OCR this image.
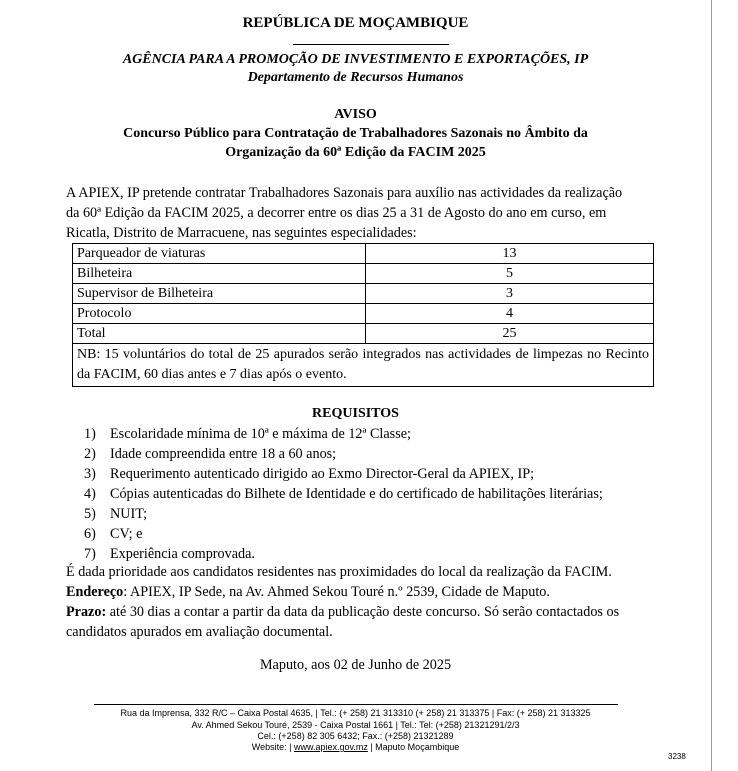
REPÚBLICA DE MOÇAMBIQUE
AGÊNCIA PARA A PROMOÇÃO DE INVESTIMENTO E EXPORTAÇÕES, IP
Departamento de Recursos Humanos
AVISO
Concurso Público para Contratação de Trabalhadores Sazonais no Âmbito da
Organização da 60ª Edição da FACIM 2025
A APIEX, IP pretende contratar Trabalhadores Sazonais para auxílio nas actividades da realização
da 60ª Edição da FACIM 2025, a decorrer entre os dias 25 a 31 de Agosto do ano em curso, em
Ricatla, Distrito de Marracuene, nas seguintes especialidades:
Parqueador de viaturas	13
Bilheteira	5
Supervisor de Bilheteira	3
Protocolo	4
Total	25
NB: 15 voluntários do total de 25 apurados serão integrados nas actividades de limpezas no Recinto da FACIM, 60 dias antes e 7 dias após o evento.	
REQUISITOS
1) Escolaridade mínima de 10ª e máxima de 12ª Classe;
2) Idade compreendida entre 18 a 60 anos;
3) Requerimento autenticado dirigido ao Exmo Director-Geral da APIEX, IP;
4) Cópias autenticadas do Bilhete de Identidade e do certificado de habilitações literárias;
5) NUIT;
6) CV; e
7) Experiência comprovada.
É dada prioridade aos candidatos residentes nas proximidades do local da realização da FACIM.
Endereço: APIEX, IP Sede, na Av. Ahmed Sekou Touré n.º 2539, Cidade de Maputo.
Prazo: até 30 dias a contar a partir da data da publicação deste concurso. Só serão contactados os
candidatos apurados em avaliação documental.
Maputo, aos 02 de Junho de 2025
Rua da Imprensa, 332 R/C – Caixa Postal 4635, | Tel.: (+ 258) 21 313310 (+ 258) 21 313375 | Fax: (+ 258) 21 313325
Av. Ahmed Sekou Touré, 2539 - Caixa Postal 1661 | Tel.: Tel: (+258) 21321291/2/3
Cel.: (+258) 82 305 6432; Fax.: (+258) 21321289
Website: | www.apiex.gov.mz | Maputo Moçambique
3238
